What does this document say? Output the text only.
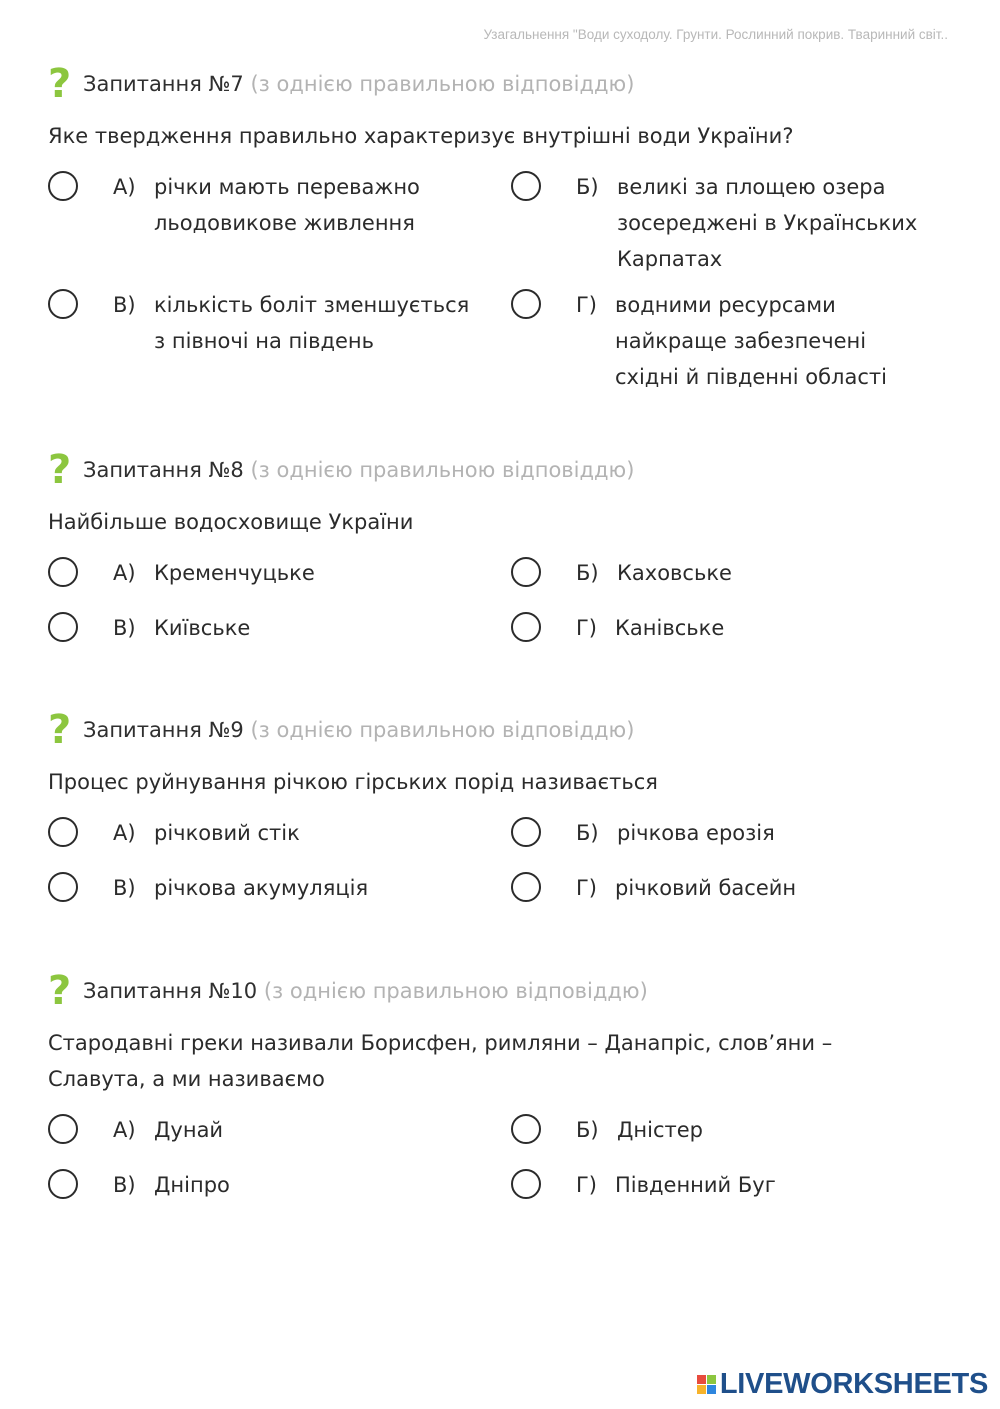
Узагальнення "Води суходолу. Грунти. Рослинний покрив. Тваринний світ..
? Запитання №7 (з однією правильною відповіддю)
Яке твердження правильно характеризує внутрішні води України?
А) річки мають переважно льодовикове живлення
Б) великі за площею озера зосереджені в Українських Карпатах
В) кількість боліт зменшується з півночі на південь
Г) водними ресурсами найкраще забезпечені східні й південні області
? Запитання №8 (з однією правильною відповіддю)
Найбільше водосховище України
А) Кременчуцьке	Б) Каховське
В) Київське	Г) Канівське
? Запитання №9 (з однією правильною відповіддю)
Процес руйнування річкою гірських порід називається
А) річковий стік	Б) річкова ерозія
В) річкова акумуляція	Г) річковий басейн
? Запитання №10 (з однією правильною відповіддю)
Стародавні греки називали Борисфен, римляни – Данапріс, слов’яни – Славута, а ми називаємо
А) Дунай	Б) Дністер
В) Дніпро	Г) Південний Буг
LIVEWORKSHEETS
